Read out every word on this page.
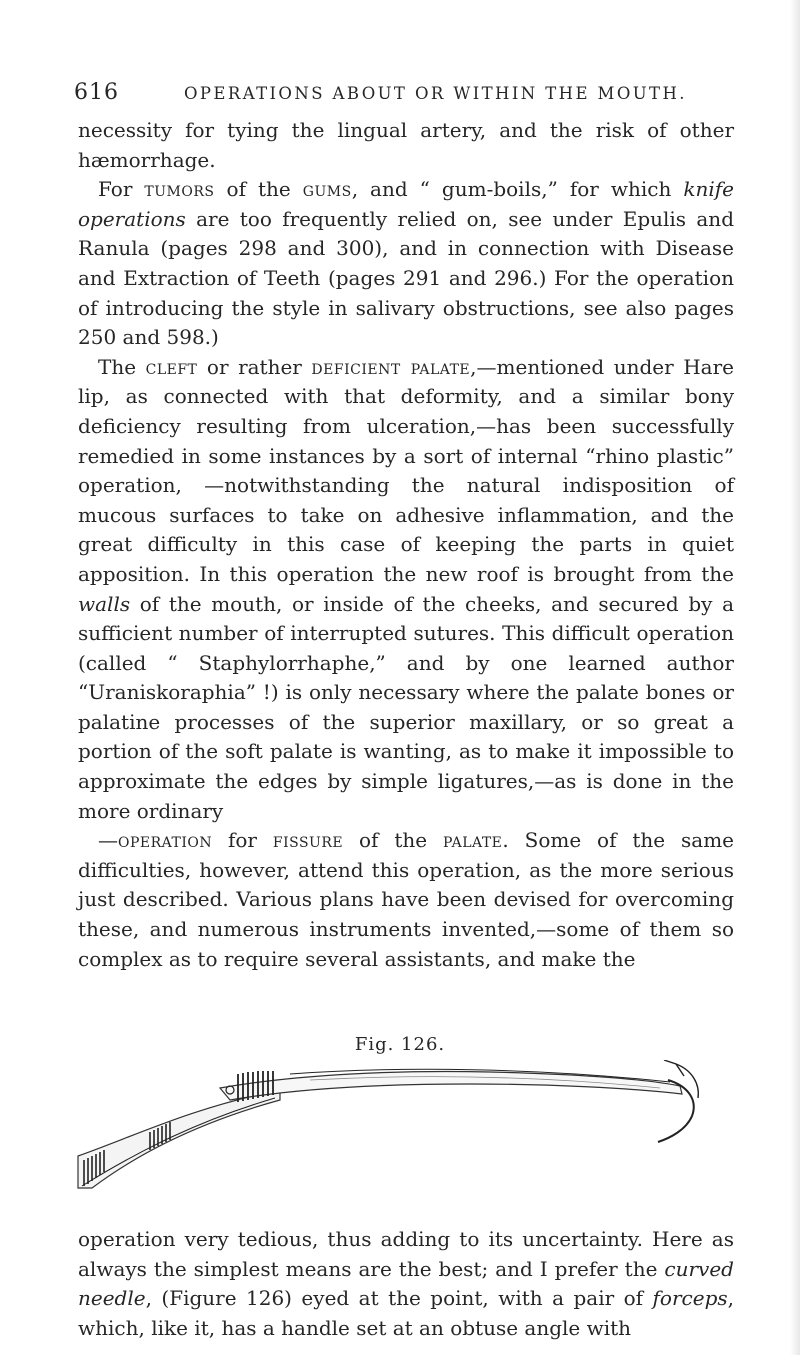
616	OPERATIONS ABOUT OR WITHIN THE MOUTH.

necessity for tying the lingual artery, and the risk of other hæmorrhage.

For tumors of the gums, and “ gum-boils,” for which knife operations are too frequently relied on, see under Epulis and Ranula (pages 298 and 300), and in connection with Disease and Extraction of Teeth (pages 291 and 296.) For the operation of introducing the style in salivary obstructions, see also pages 250 and 598.)

The cleft or rather deficient palate,—mentioned under Hare lip, as connected with that deformity, and a similar bony deficiency resulting from ulceration,—has been successfully remedied in some instances by a sort of internal “rhino plastic” operation, —notwithstanding the natural indisposition of mucous surfaces to take on adhesive inflammation, and the great difficulty in this case of keeping the parts in quiet apposition. In this operation the new roof is brought from the walls of the mouth, or inside of the cheeks, and secured by a sufficient number of interrupted sutures. This difficult operation (called “ Staphylorrhaphe,” and by one learned author “Uraniskoraphia” !) is only necessary where the palate bones or palatine processes of the superior maxillary, or so great a portion of the soft palate is wanting, as to make it impossible to approximate the edges by simple ligatures,—as is done in the more ordinary

—operation for fissure of the palate. Some of the same difficulties, however, attend this operation, as the more serious just described. Various plans have been devised for overcoming these, and numerous instruments invented,—some of them so complex as to require several assistants, and make the

Fig. 126.

operation very tedious, thus adding to its uncertainty. Here as always the simplest means are the best; and I prefer the curved needle, (Figure 126) eyed at the point, with a pair of forceps, which, like it, has a handle set at an obtuse angle with
